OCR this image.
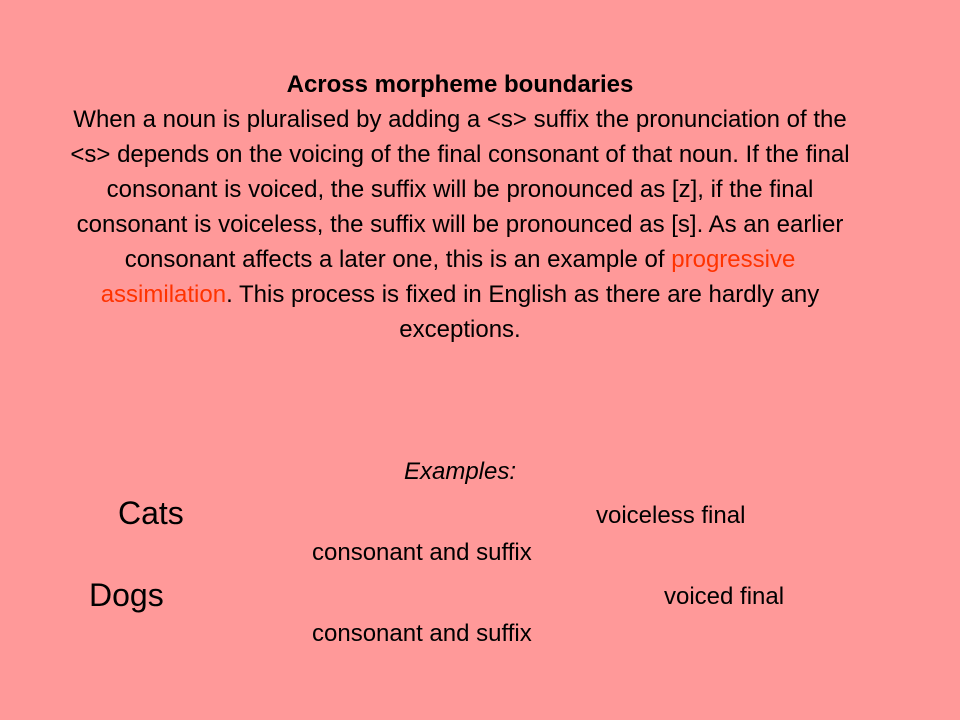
Across morpheme boundaries

When a noun is pluralised by adding a <s> suffix the pronunciation of the <s> depends on the voicing of the final consonant of that noun. If the final consonant is voiced, the suffix will be pronounced as [z], if the final consonant is voiceless, the suffix will be pronounced as [s]. As an earlier consonant affects a later one, this is an example of progressive assimilation. This process is fixed in English as there are hardly any exceptions.

Examples:
Cats	voiceless final
consonant and suffix
Dogs	voiced final
consonant and suffix
